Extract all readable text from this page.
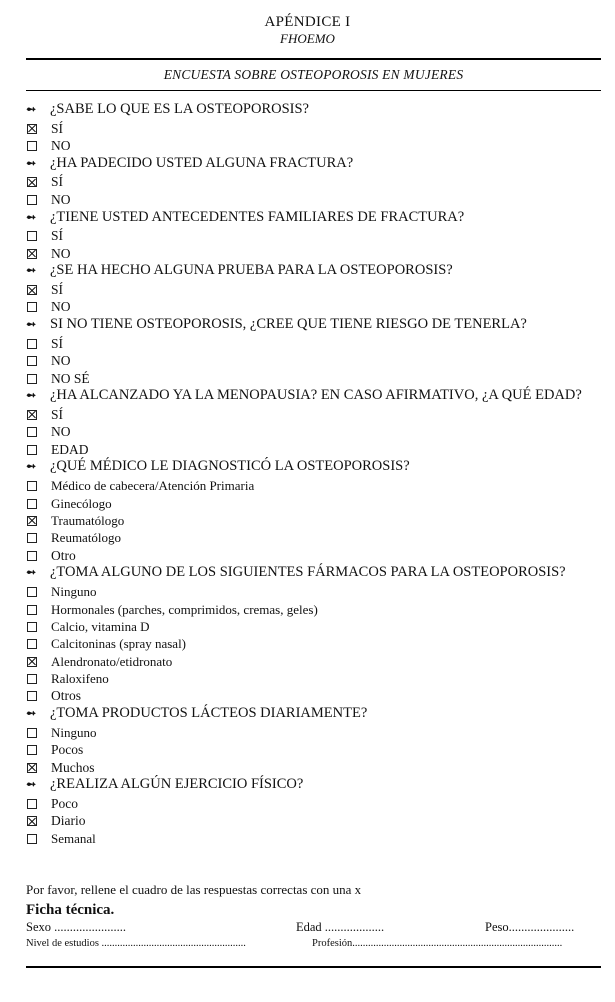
APÉNDICE I
FHOEMO
ENCUESTA SOBRE OSTEOPOROSIS EN MUJERES
➻ ¿SABE LO QUE ES LA OSTEOPOROSIS?
SÍ
NO
➻ ¿HA PADECIDO USTED ALGUNA FRACTURA?
SÍ
NO
➻ ¿TIENE USTED ANTECEDENTES FAMILIARES DE FRACTURA?
SÍ
NO
➻ ¿SE HA HECHO ALGUNA PRUEBA PARA LA OSTEOPOROSIS?
SÍ
NO
➻ SI NO TIENE OSTEOPOROSIS, ¿CREE QUE TIENE RIESGO DE TENERLA?
SÍ
NO
NO SÉ
➻ ¿HA ALCANZADO YA LA MENOPAUSIA? EN CASO AFIRMATIVO, ¿A QUÉ EDAD?
SÍ
NO
EDAD
➻ ¿QUÉ MÉDICO LE DIAGNOSTICÓ LA OSTEOPOROSIS?
Médico de cabecera/Atención Primaria
Ginecólogo
Traumatólogo
Reumatólogo
Otro
➻ ¿TOMA ALGUNO DE LOS SIGUIENTES FÁRMACOS PARA LA OSTEOPOROSIS?
Ninguno
Hormonales (parches, comprimidos, cremas, geles)
Calcio, vitamina D
Calcitoninas (spray nasal)
Alendronato/etidronato
Raloxifeno
Otros
➻ ¿TOMA PRODUCTOS LÁCTEOS DIARIAMENTE?
Ninguno
Pocos
Muchos
➻ ¿REALIZA ALGÚN EJERCICIO FÍSICO?
Poco
Diario
Semanal
Por favor, rellene el cuadro de las respuestas correctas con una x
Ficha técnica.
Sexo .......................	Edad ...................	Peso.....................
Nivel de estudios .......................................................	Profesión................................................................................
